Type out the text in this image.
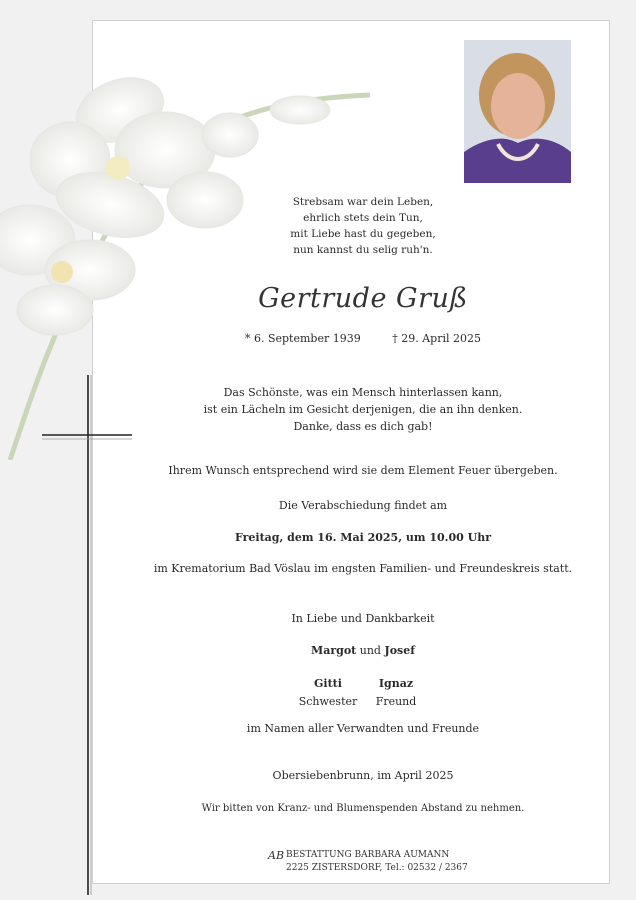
Strebsam war dein Leben,
ehrlich stets dein Tun,
mit Liebe hast du gegeben,
nun kannst du selig ruh'n.
Gertrude Gruß
* 6. September 1939	† 29. April 2025
Das Schönste, was ein Mensch hinterlassen kann,
ist ein Lächeln im Gesicht derjenigen, die an ihn denken.
Danke, dass es dich gab!
Ihrem Wunsch entsprechend wird sie dem Element Feuer übergeben.
Die Verabschiedung findet am
Freitag, dem 16. Mai 2025, um 10.00 Uhr
im Krematorium Bad Vöslau im engsten Familien- und Freundeskreis statt.
In Liebe und Dankbarkeit
Margot und Josef
Gitti
Schwester
Ignaz
Freund
im Namen aller Verwandten und Freunde
Obersiebenbrunn, im April 2025
Wir bitten von Kranz- und Blumenspenden Abstand zu nehmen.
AB BESTATTUNG BARBARA AUMANN
2225 ZISTERSDORF, Tel.: 02532 / 2367
